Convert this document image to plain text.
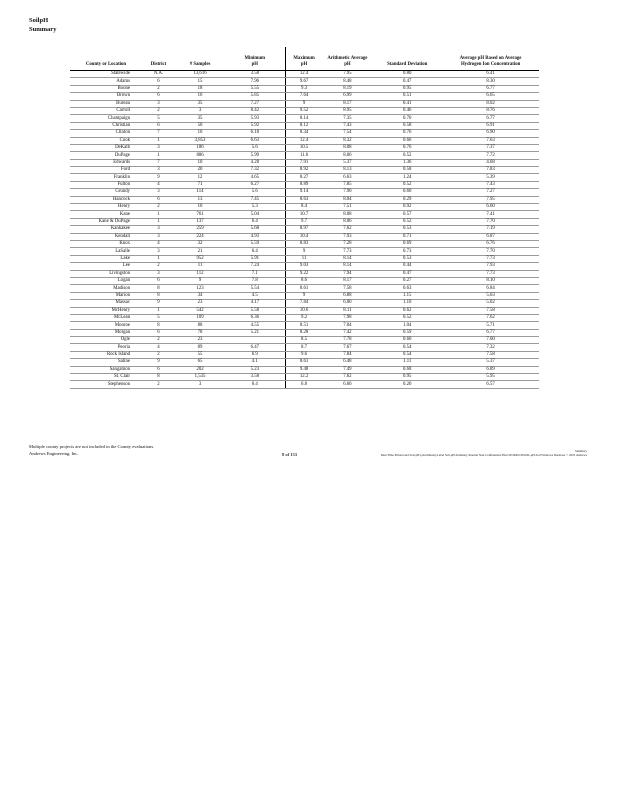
SoilpH
Summary
County or Location	District	# Samples	Minimum
pH	Maximum
pH	Arithmetic Average
pH	Standard Deviation	Average pH Based on Average
Hydrogen Ion Concentration
Statewide	N.A.	13,616	3.58	12.4	7.95	0.80	6.41
Adams	6	15	7.96	9.67	8.48	0.47	8.30
Boone	2	18	5.55	9.3	8.19	0.95	6.77
Brown	6	16	5.85	7.64	6.99	0.51	6.65
Bureau	3	35	7.27	9	8.17	0.41	8.02
Carroll	2	3	8.42	9.52	8.95	0.46	8.76
Champaign	5	35	5.93	8.14	7.35	0.70	6.77
Christian	6	50	5.92	8.12	7.43	0.58	6.91
Clinton	7	10	6.18	8.34	7.54	0.76	6.90
Cook	1	3,853	6.63	12.4	8.32	0.66	7.63
DeKalb	3	186	5.6	10.5	8.08	0.76	7.37
DuPage	1	886	5.99	11.6	8.06	0.52	7.72
Edwards	7	10	4.28	7.91	5.37	1.36	4.68
Ford	3	20	7.32	8.92	8.13	0.58	7.83
Franklin	9	12	4.65	8.27	6.63	1.24	5.39
Fulton	4	71	6.27	8.89	7.85	0.52	7.43
Grundy	3	114	5.6	9.14	7.90	0.60	7.27
Hancock	6	13	7.45	8.63	8.04	0.29	7.95
Henry	2	10	5.3	8.4	7.51	0.92	6.60
Kane	1	761	5.04	10.7	8.08	0.57	7.41
Kane & DuPage	1	137	6.4	9.7	8.06	0.52	7.70
Kankakee	3	259	5.68	8.97	7.62	0.53	7.19
Kendall	3	224	4.93	10.4	7.93	0.71	6.87
Knox	4	32	5.59	8.83	7.28	0.69	6.76
LaSalle	3	21	6.4	9	7.73	0.73	7.70
Lake	1	952	5.91	11	8.14	0.53	7.73
Lee	2	11	7.24	9.03	8.14	0.44	7.93
Livingston	3	112	7.1	9.22	7.94	0.47	7.73
Logan	6	9	7.8	8.6	8.17	0.27	8.10
Madison	8	123	5.54	8.61	7.58	0.63	6.84
Marion	8	34	4.5	9	6.88	1.15	5.63
Massac	9	23	4.17	7.84	6.00	1.10	5.02
McHenry	1	542	5.58	10.6	8.11	0.62	7.58
McLean	5	109	6.36	9.2	7.98	0.52	7.62
Monroe	8	88	4.55	8.51	7.04	1.04	5.71
Morgan	6	78	5.21	8.28	7.42	0.59	6.77
Ogle	2	23		8.5	7.78	0.60	7.60
Peoria	4	89	6.47	8.7	7.67	0.54	7.32
Rock Island	2	55	6.9	9.6	7.84	0.54	7.58
Saline	9	65	4.1	8.61	6.48	1.11	5.37
Sangamon	6	202	5.23	9.48	7.49	0.68	6.89
St. Clair	8	1,535	3.58	12.2	7.62	0.95	5.95
Stephenson	2	3	6.4	6.8	6.60	0.20	6.57
Multiple county projects are not included in the County evaluations.
Andrews Engineering, Inc.	8 of 133
Summary
Date/Time Printed and Soil-pH-(attachment)-Label Soil-pH-Summary Internal Non-Confidential-Files\WORKS\DSOIL-pH-Soil Windows Database © 2025 Andrews
